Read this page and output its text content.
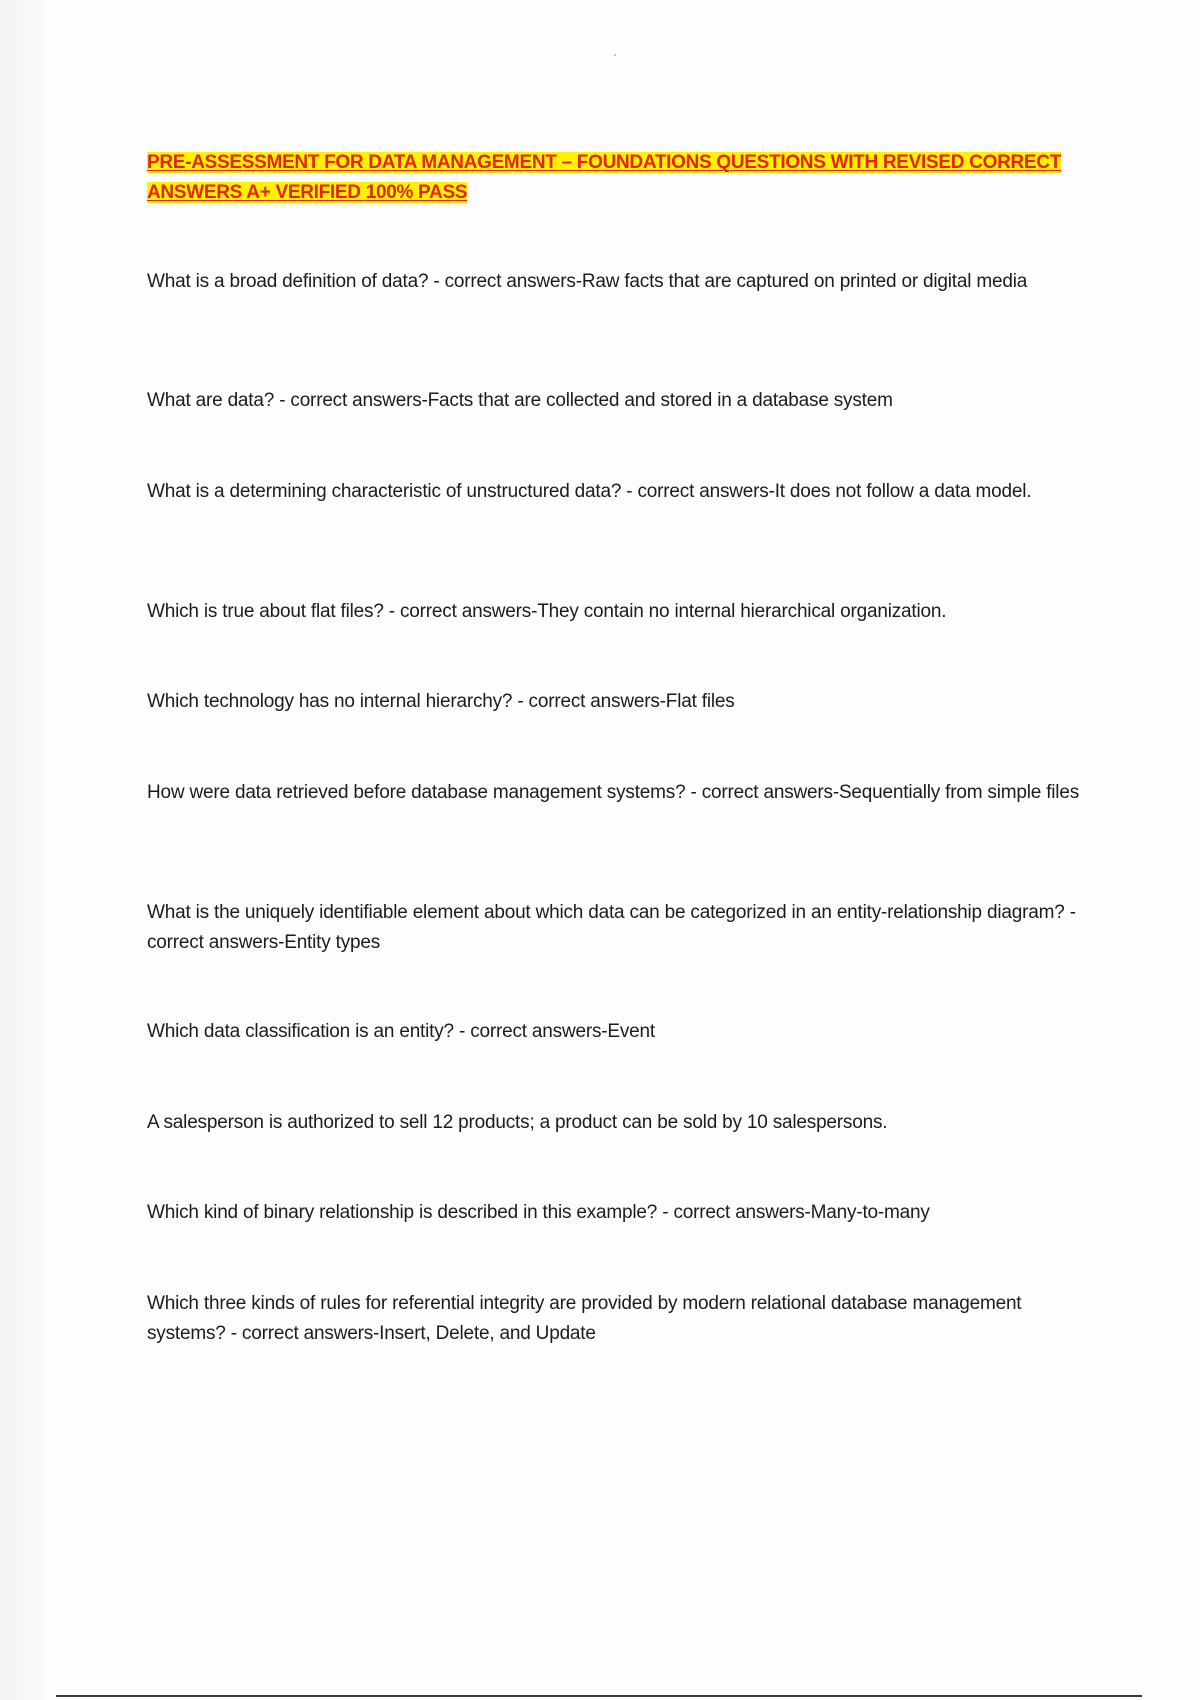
PRE-ASSESSMENT FOR DATA MANAGEMENT – FOUNDATIONS QUESTIONS WITH REVISED CORRECT ANSWERS A+ VERIFIED 100% PASS

What is a broad definition of data? - correct answers-Raw facts that are captured on printed or digital media

What are data? - correct answers-Facts that are collected and stored in a database system

What is a determining characteristic of unstructured data? - correct answers-It does not follow a data model.

Which is true about flat files? - correct answers-They contain no internal hierarchical organization.

Which technology has no internal hierarchy? - correct answers-Flat files

How were data retrieved before database management systems? - correct answers-Sequentially from simple files

What is the uniquely identifiable element about which data can be categorized in an entity-relationship diagram? - correct answers-Entity types

Which data classification is an entity? - correct answers-Event

A salesperson is authorized to sell 12 products; a product can be sold by 10 salespersons.

Which kind of binary relationship is described in this example? - correct answers-Many-to-many

Which three kinds of rules for referential integrity are provided by modern relational database management systems? - correct answers-Insert, Delete, and Update
